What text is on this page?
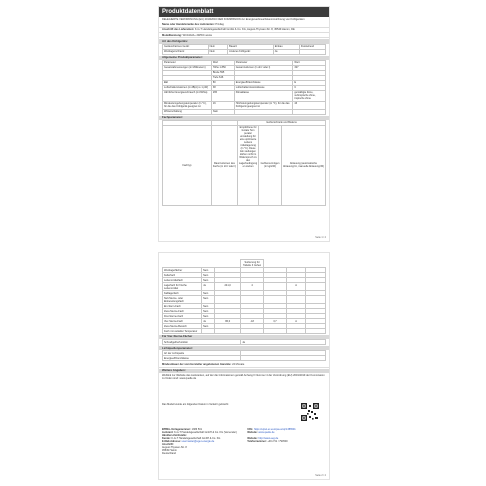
Produktdatenblatt
DELEGIERTE VERORDNUNG (EU) 2019/2016 DER KOMMISSION zur Energieverbrauchskennzeichnung von Kühlgeräten
Name oder Handelsmarke des Lieferanten: Privileg
Anschrift des Lieferanten: K-G-T Handelsgesellschaft GmbH & Co. KG, August-Thyssen-Str. 8, 45549 Hamm, DE
Modellkennung: WC1102A+ 2WWC weiss
Art des Kühlgeräts:
Geräuscharmes Gerät:	Nein	Bauart:	Einbau	Freistehend
Weinlagerschrank:	Nein	Anderes Kühlgerät:	Ja	
Allgemeine Produktparameter:
Parameter	Wert	Parameter	Wert
Gesamtabmessungen (in Millimetern)	Höhe 1.850	Gesamtvolumen (in dm³ oder l)	327
	Breite 595		
	Tiefe 646		
EEI	80	Energieeffizienzklasse	E
Luftschallemissionen (in dB(A) re 1 pW)	38	Luftschallemissionsklasse	C
Jährlicher Energieverbrauch (in kWh/a)	265	Klimaklasse	gemäßigte Zone, subtropische Zone, tropische Zone
Mindestumgebungstemperatur (in °C), für die das Kühlgerät geeignet ist	16	Höchstumgebungstemperatur (in °C), für die das Kühlgerät geeignet ist	43
Winterschaltung	Nein		
Fachparameter:
		Gefrierschrank und Bodens		
Fachtyp	Raumvolumen des Fachs (in dm³ oder l)	Empfohlene für fentale Tem peratur einstellung für eine optimierte Lebens mittellagerung (in °C). Diese Ein stellungen dürfen nicht im Widerspruch zu den Lagerbedingungen stehen	Gefriervermögen (in kg/24h)	Abtauung (automatische Abtauung=A, manuelle Abtauung=M)
Seite 1 / 2
			Sortierung für Tabelle 3 ziehen			
Weinlagerfächer	Nein					
Kellerfach	Nein					
Lebensmittelfach	Nein					
Lagerfach für frische Lebensmittel	Ja	241,0	4		A	
Kaltlagerfach	Nein					
Null-Sterne- oder Eisbereitungsfach	Nein					
Ein-Stern-Fach	Nein					
Zwei-Sterne-Fach	Nein					
Drei-Sterne-Fach	Nein					
Vier-Sterne-Fach	Ja	86,0	-18	3,7	A	
Zwei-Sterne-Bereich	Nein					
Fach mit variabler Temperatur						
Für Vier-Sterne-Fächer
Schnellgefrierfunktion	Ja
Lichtquellenparameter:
Art der Lichtquelle	
Energieeffizienzklasse	
Mindestdauer der vom Hersteller angebotenen Garantie: 24 Monate
Weitere Angaben:
Weblink zur Website des Lieferanten, auf der die Informationen gemäß Anhang II Nummer 4 der Verordnung (EU) 2019/2019 der Kommission zu finden sind: www.quelle.de
Das Modell wurde am folgenden Datum in Verkehr gebracht
EPREL-Vorlagenummer: 1386 501
Lieferant: K-G-T Handelsgesellschaft GmbH & Co. KG (Versender)
Händlerschnittstelle:
Kunde: K-G-T Handelsgesellschaft GmbH & Co. KG
E-Mail-Adresse: usermaster@eger-energie.de
Anschrift:
August-Thyssen-Str. 8
45549 Hamm
Deutschland
URL: https://eprel.ec.europa.eu/qr/1386501
Website: www.quelle.de

Website: http://www.eeg.de
Telefonnummer: +49 2 51 / 790500
Seite 2 / 2
